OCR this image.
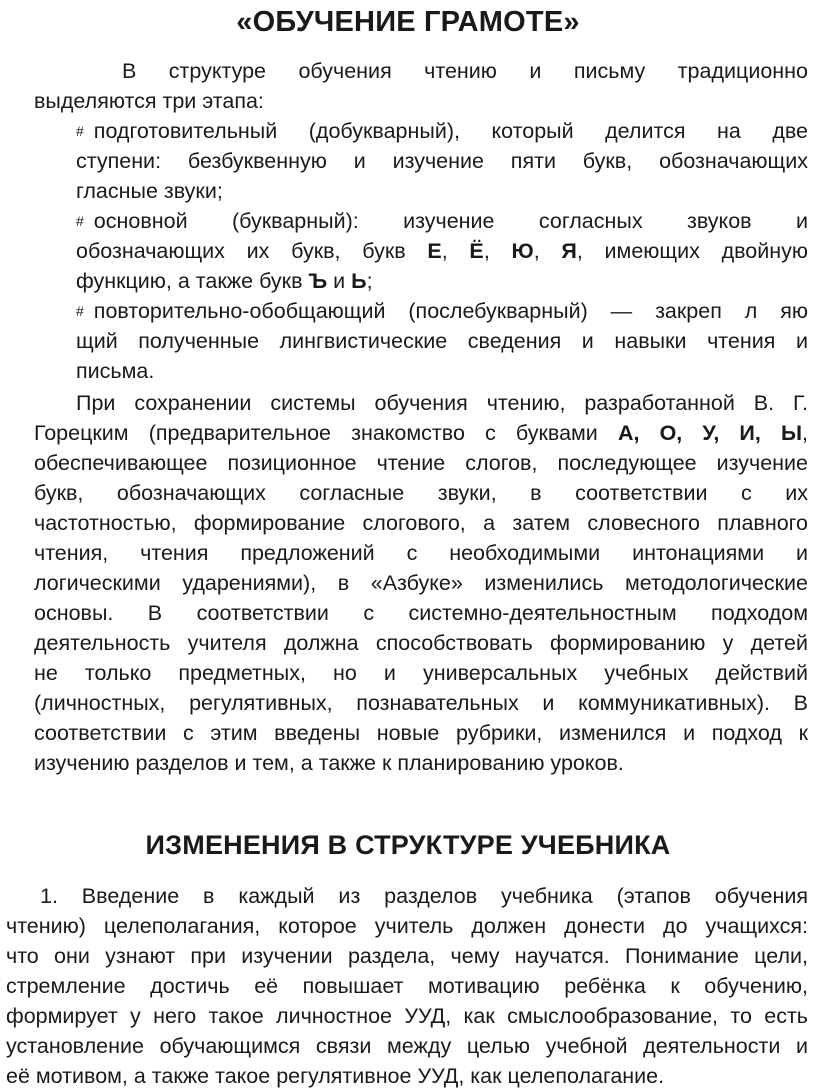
«ОБУЧЕНИЕ ГРАМОТЕ»
В структуре обучения чтению и письму традиционно
выделяются три этапа:
# подготовительный (добукварный), который делится на две
ступени: безбуквенную и изучение пяти букв, обозначающих
гласные звуки;
# основной (букварный): изучение согласных звуков и
обозначающих их букв, букв Е, Ё, Ю, Я, имеющих двойную
функцию, а также букв Ъ и Ь;
# повторительно-обобщающий (послебукварный) — закреп л яю
щий полученные лингвистические сведения и навыки чтения и
письма.
При сохранении системы обучения чтению, разработанной В. Г.
Горецким (предварительное знакомство с буквами А, О, У, И, Ы,
обеспечивающее позиционное чтение слогов, последующее изучение
букв, обозначающих согласные звуки, в соответствии с их
частотностью, формирование слогового, а затем словесного плавного
чтения, чтения предложений с необходимыми интонациями и
логическими ударениями), в «Азбуке» изменились методологические
основы. В соответствии с системно-деятельностным подходом
деятельность учителя должна способствовать формированию у детей
не только предметных, но и универсальных учебных действий
(личностных, регулятивных, познавательных и коммуникативных). В
соответствии с этим введены новые рубрики, изменился и подход к
изучению разделов и тем, а также к планированию уроков.
ИЗМЕНЕНИЯ В СТРУКТУРЕ УЧЕБНИКА
1. Введение в каждый из разделов учебника (этапов обучения
чтению) целеполагания, которое учитель должен донести до учащихся:
что они узнают при изучении раздела, чему научатся. Понимание цели,
стремление достичь её повышает мотивацию ребёнка к обучению,
формирует у него такое личностное УУД, как смыслообразование, то есть
установление обучающимся связи между целью учебной деятельности и
её мотивом, а также такое регулятивное УУД, как целеполагание.
